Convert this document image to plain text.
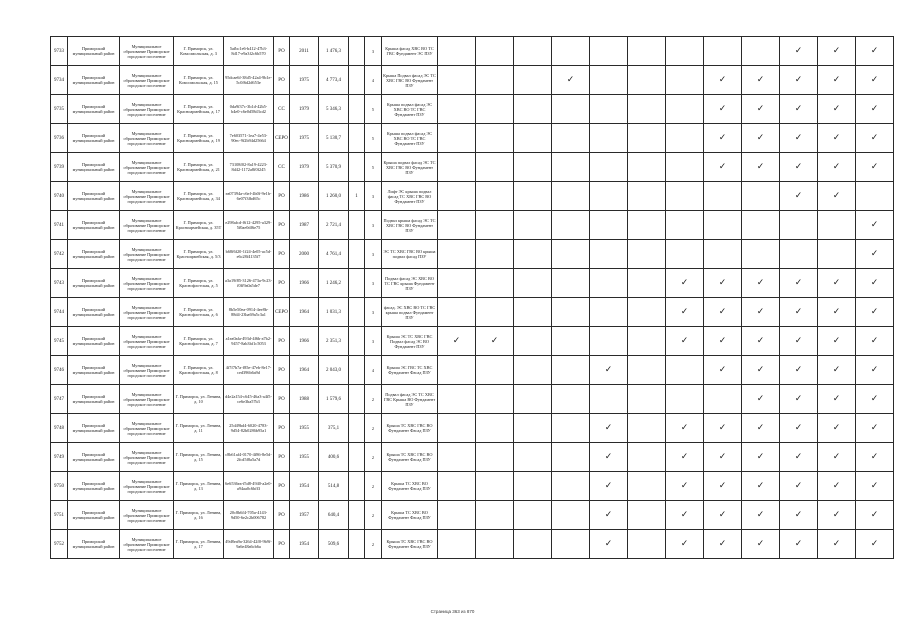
9733	Приморский муниципальный район	Муниципальное образование Приморское городское поселение	Г. Приморск, ул. Комсомольская, д. 3	5afbc1e6-b412-47b3-8d17-e9a3f2c6b570	РО	2011	1 476,3		3	Крыша фасад ХВС ВО ТС ГВС Фундамент ЭС ПЗУ										✓	✓	✓
9734	Приморский муниципальный район	Муниципальное образование Приморское городское поселение	Г. Приморск, ул. Комсомольская, д. 15	95dcae6f-38d5-42a4-9b1e-5c0f6d2d653e	РО	1975	4 773,4		4	Крыша Подвал фасад ЭС ТС ХВС ГВС ВО Фундамент ПЗУ				✓				✓	✓	✓	✓	✓
9735	Приморский муниципальный район	Муниципальное образование Приморское городское поселение	Г. Приморск, ул. Красноармейская, д. 17	0da9f37c-3b1d-42b5-b4e0-c6e0d58d3cd2	СС	1979	5 346,3		5	Крыша подвал фасад ЭС ХВС ВО ТС ГВС Фундамент ПЗУ								✓	✓	✓	✓	✓
9736	Приморский муниципальный район	Муниципальное образование Приморское городское поселение	Г. Приморск, ул. Красноармейская, д. 19	7e603571-1ea7-4e53-90ec-9f2b94d25664	СЕРО	1975	5 130,7		5	Крыша подвал фасад ЭС ХВС ВО ТС ГВС Фундамент ПЗУ								✓	✓	✓	✓	✓
9739	Приморский муниципальный район	Муниципальное образование Приморское городское поселение	Г. Приморск, ул. Красноармейская, д. 21	73108f02-8a19-4223-8d42-1172a8f0f245	СС	1979	5 370,9		5	Крыша подвал фасад ЭС ТС ХВС ГВС ВО Фундамент ПЗУ								✓	✓	✓	✓	✓
9740	Приморский муниципальный район	Муниципальное образование Приморское городское поселение	Г. Приморск, ул. Красноармейская, д. 34	ea07394a-c6ef-4b0f-9e1b-6e07f3fbd65c	РО	1986	1 260,0	1	3	Лифт ЭС крыша подвал фасад ТС ХВС ГВС ВО Фундамент ПЗУ										✓	✓	
9741	Приморский муниципальный район	Муниципальное образование Приморское городское поселение	Г. Приморск, ул. Красноармейская, д. 35Т	e298afcd-f612-4295-a329-5f0ae0df6e75	РО	1987	2 721,4		3	Подвал крыша фасад ЭС ТС ХВС ГВС ВО Фундамент ПЗУ												✓
9742	Приморский муниципальный район	Муниципальное образование Приморское городское поселение	Г. Приморск, ул. Красноармейская, д. 5/3	b68f6f20-1f24-4e05-ac5d-e6c28f4135f7	РО	2000	4 761,4		3	ЭС ТС ХВС ГВС ВО крыша подвал фасад ПЗУ												✓
9743	Приморский муниципальный район	Муниципальное образование Приморское городское поселение	Г. Приморск, ул. Краснофлотская, д. 5	a3a19f85-3126-473a-9c23-f0ff9a0a5de7	РО	1966	1 246,2		3	Подвал фасад ЭС ХВС ВО ТС ГВС крыша Фундамент ПЗУ							✓	✓	✓	✓	✓	✓
9744	Приморский муниципальный район	Муниципальное образование Приморское городское поселение	Г. Приморск, ул. Краснофлотская, д. 6	8b5e50ea-0914-4ee8b-88d4-23ba69a5c3a1	СЕРО	1964	1 031,3		3	фасад. ЭС ХВС ВО ТС ГВС крыша подвал Фундамент ПЗУ							✓	✓	✓	✓	✓	✓
9745	Приморский муниципальный район	Муниципальное образование Приморское городское поселение	Г. Приморск, ул. Краснофлотская, д. 7	a1ea0afa-493d-4f6b-a7b2-9457-8ab3bf1c5053	РО	1966	2 351,3		3	Крыша ЭС ТС ХВС ГВС Подвал фасад ЭС ВО Фундамент ПЗУ	✓	✓					✓	✓	✓	✓	✓	✓
9746	Приморский муниципальный район	Муниципальное образование Приморское городское поселение	Г. Приморск, ул. Краснофлотская, д. 8	4f7f7b7a-f85e-47eb-8e17-ced396b6a9d	РО	1964	2 043,0		4	Крыша ЭС ГВС ТС ХВС Фундамент Фасад ПЗУ					✓			✓	✓	✓	✓	✓
9747	Приморский муниципальный район	Муниципальное образование Приморское городское поселение	Г. Приморск, ул. Ленина, д. 10	d4e2a154-c645-46a3-a4f5-ce6e3ba57b3	РО	1988	1 579,6		2	Подвал фасад ЭС ТС ХВС ГВС Крыша ВО Фундамент ПЗУ									✓	✓	✓	✓
9748	Приморский муниципальный район	Муниципальное образование Приморское городское поселение	Г. Приморск, ул. Ленина, д. 11	25d49bd4-6020-4783-9d54-82b0286b95a1	РО	1955	375,1		2	Крыша ТС ХВС ГВС ВО Фундамент Фасад ПЗУ					✓		✓	✓	✓	✓	✓	✓
9749	Приморский муниципальный район	Муниципальное образование Приморское городское поселение	Г. Приморск, ул. Ленина, д. 15	c8b61af4-0170-4f86-8e5d-2fcd5f8a5a7d	РО	1955	400,6		2	Крыша ТС ХВС ГВС ВО Фундамент Фасад ПЗУ					✓		✓	✓	✓	✓	✓	✓
9750	Приморский муниципальный район	Муниципальное образование Приморское городское поселение	Г. Приморск, ул. Ленина, д. 13	6e6536ea-f5d8-4940-a2e0-a94aa0c6bff3	РО	1954	514,8		2	Крыша ТС ХВС ВО Фундамент Фасад ПЗУ					✓		✓	✓	✓	✓	✓	✓
9751	Приморский муниципальный район	Муниципальное образование Приморское городское поселение	Г. Приморск, ул. Ленина, д. 16	20c8b6f4-705a-4143-9d50-6e2c2b006782	РО	1957	640,4		2	Крыша ТС ХВС ВО Фундамент Фасад ПЗУ					✓		✓	✓	✓	✓	✓	✓
9752	Приморский муниципальный район	Муниципальное образование Приморское городское поселение	Г. Приморск, ул. Ленина, д. 17	49d8ea9a-3264-42f0-9b9f-9a6e48a6cb6a	РО	1954	509,6		2	Крыша ТС ХВС ГВС ВО Фундамент Фасад ПЗУ					✓		✓	✓	✓	✓	✓	✓
Страница 363 из 870
